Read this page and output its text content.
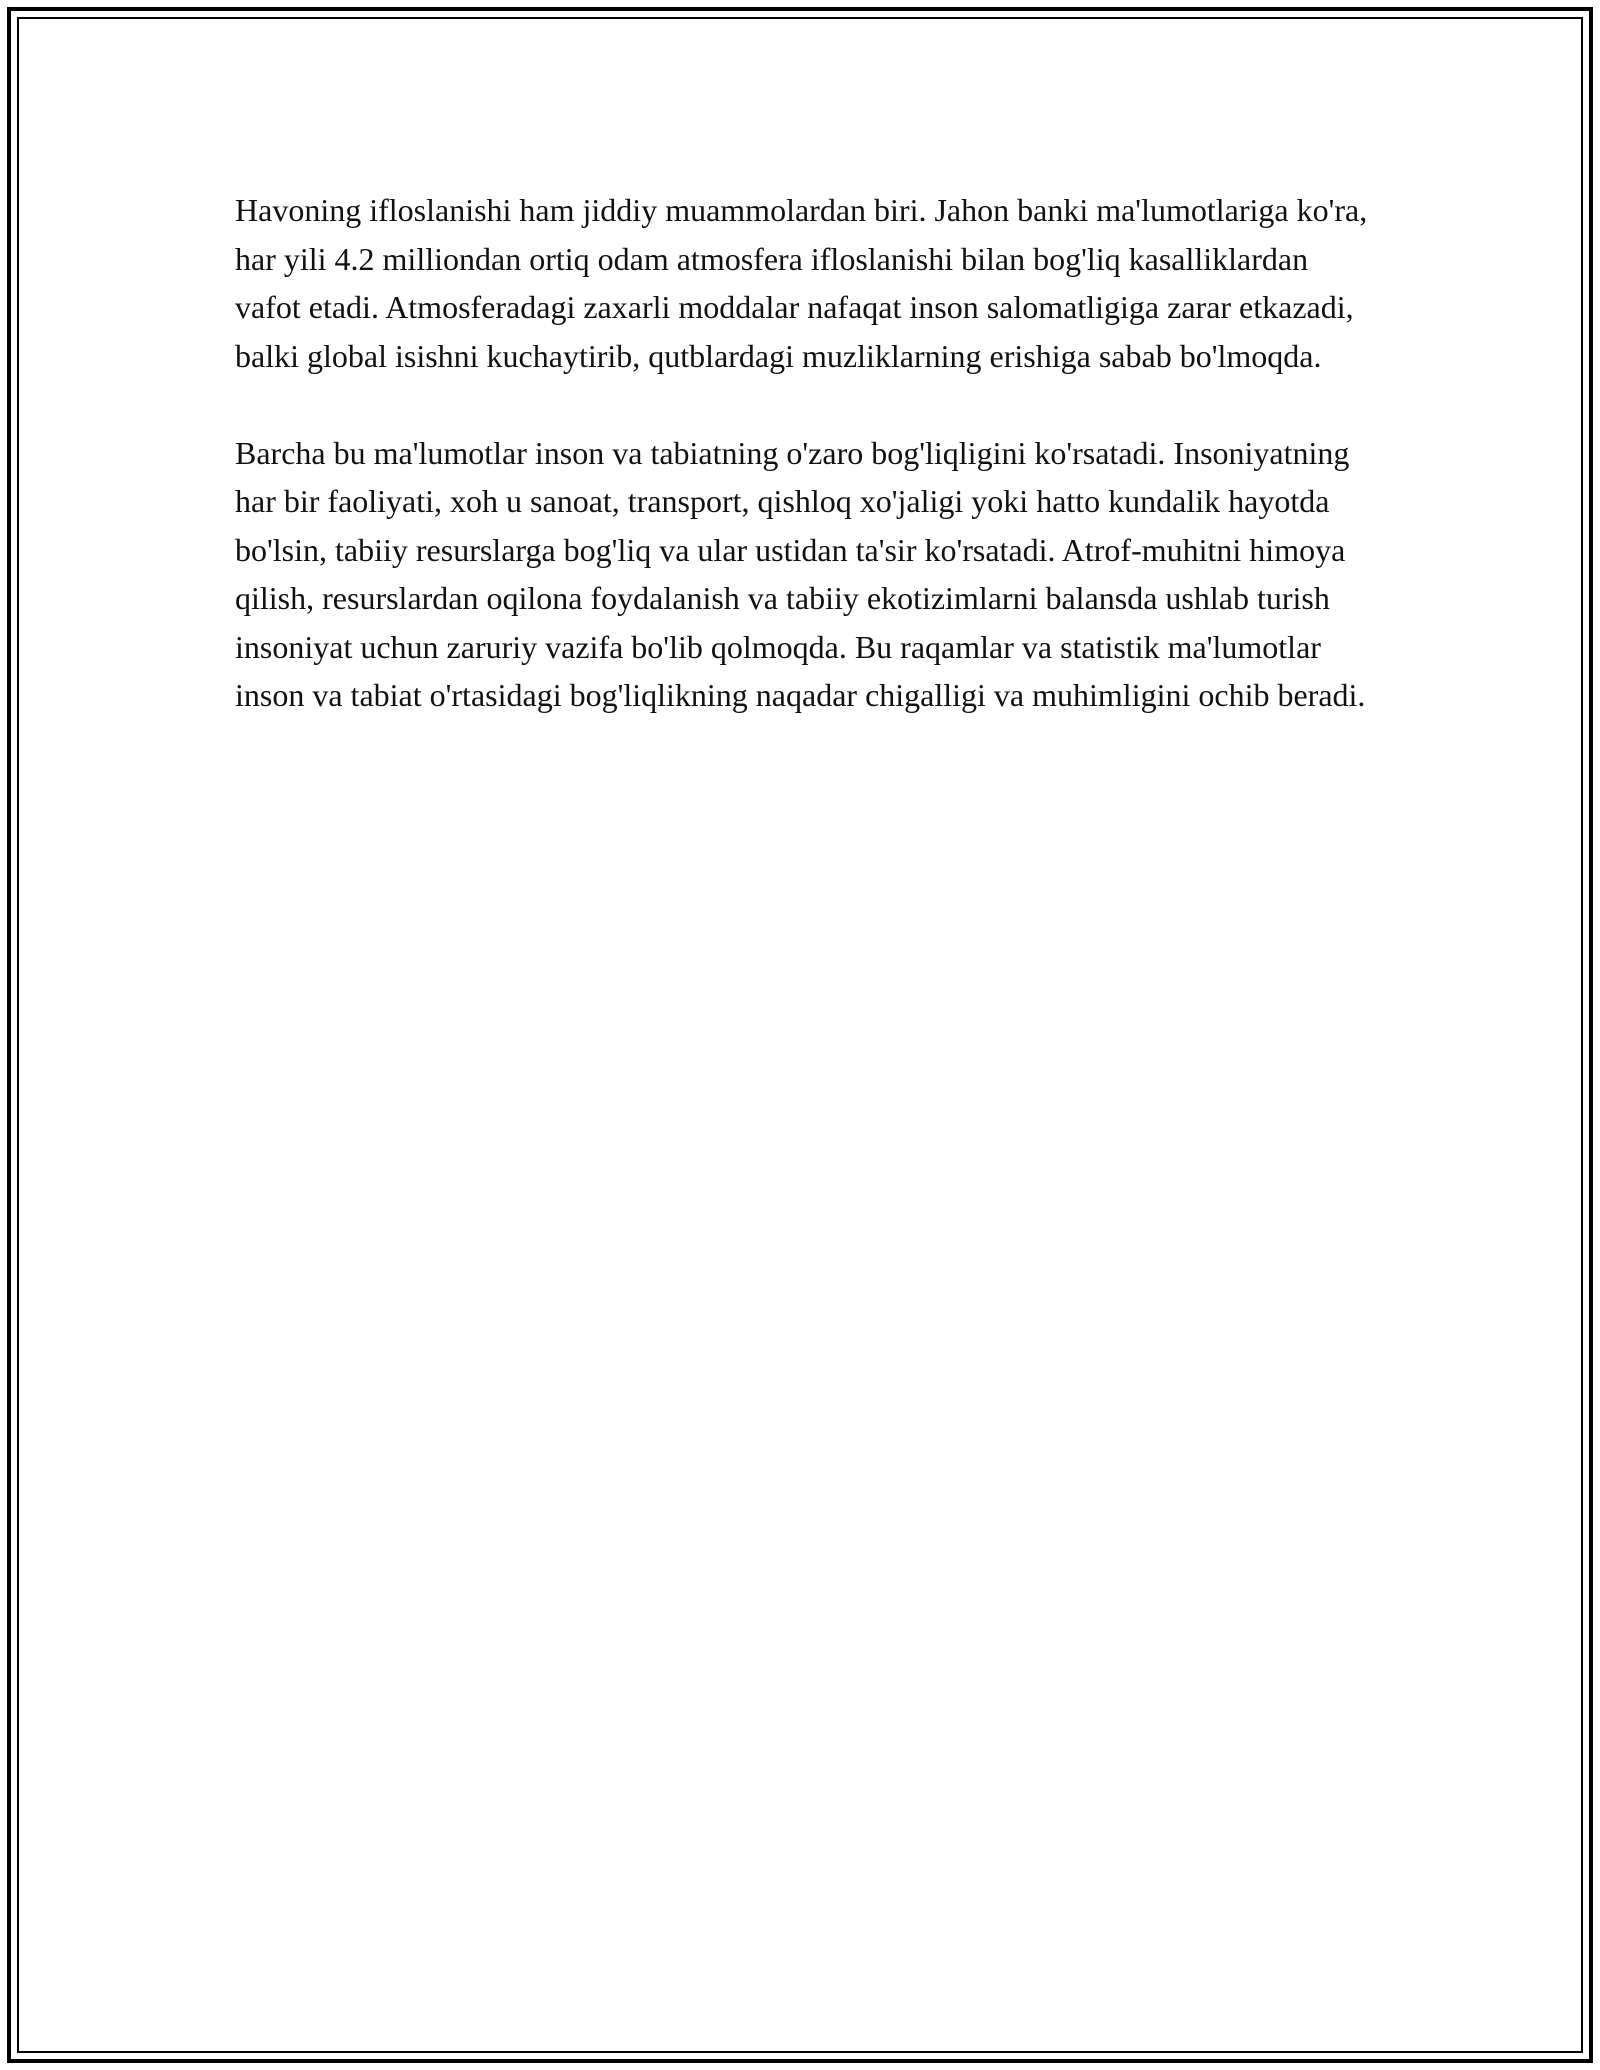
Havoning ifloslanishi ham jiddiy muammolardan biri. Jahon banki ma'lumotlariga ko'ra, har yili 4.2 milliondan ortiq odam atmosfera ifloslanishi bilan bog'liq kasalliklardan vafot etadi. Atmosferadagi zaxarli moddalar nafaqat inson salomatligiga zarar etkazadi, balki global isishni kuchaytirib, qutblardagi muzliklarning erishiga sabab bo'lmoqda.

Barcha bu ma'lumotlar inson va tabiatning o'zaro bog'liqligini ko'rsatadi. Insoniyatning har bir faoliyati, xoh u sanoat, transport, qishloq xo'jaligi yoki hatto kundalik hayotda bo'lsin, tabiiy resurslarga bog'liq va ular ustidan ta'sir ko'rsatadi. Atrof-muhitni himoya qilish, resurslardan oqilona foydalanish va tabiiy ekotizimlarni balansda ushlab turish insoniyat uchun zaruriy vazifa bo'lib qolmoqda. Bu raqamlar va statistik ma'lumotlar inson va tabiat o'rtasidagi bog'liqlikning naqadar chigalligi va muhimligini ochib beradi.
